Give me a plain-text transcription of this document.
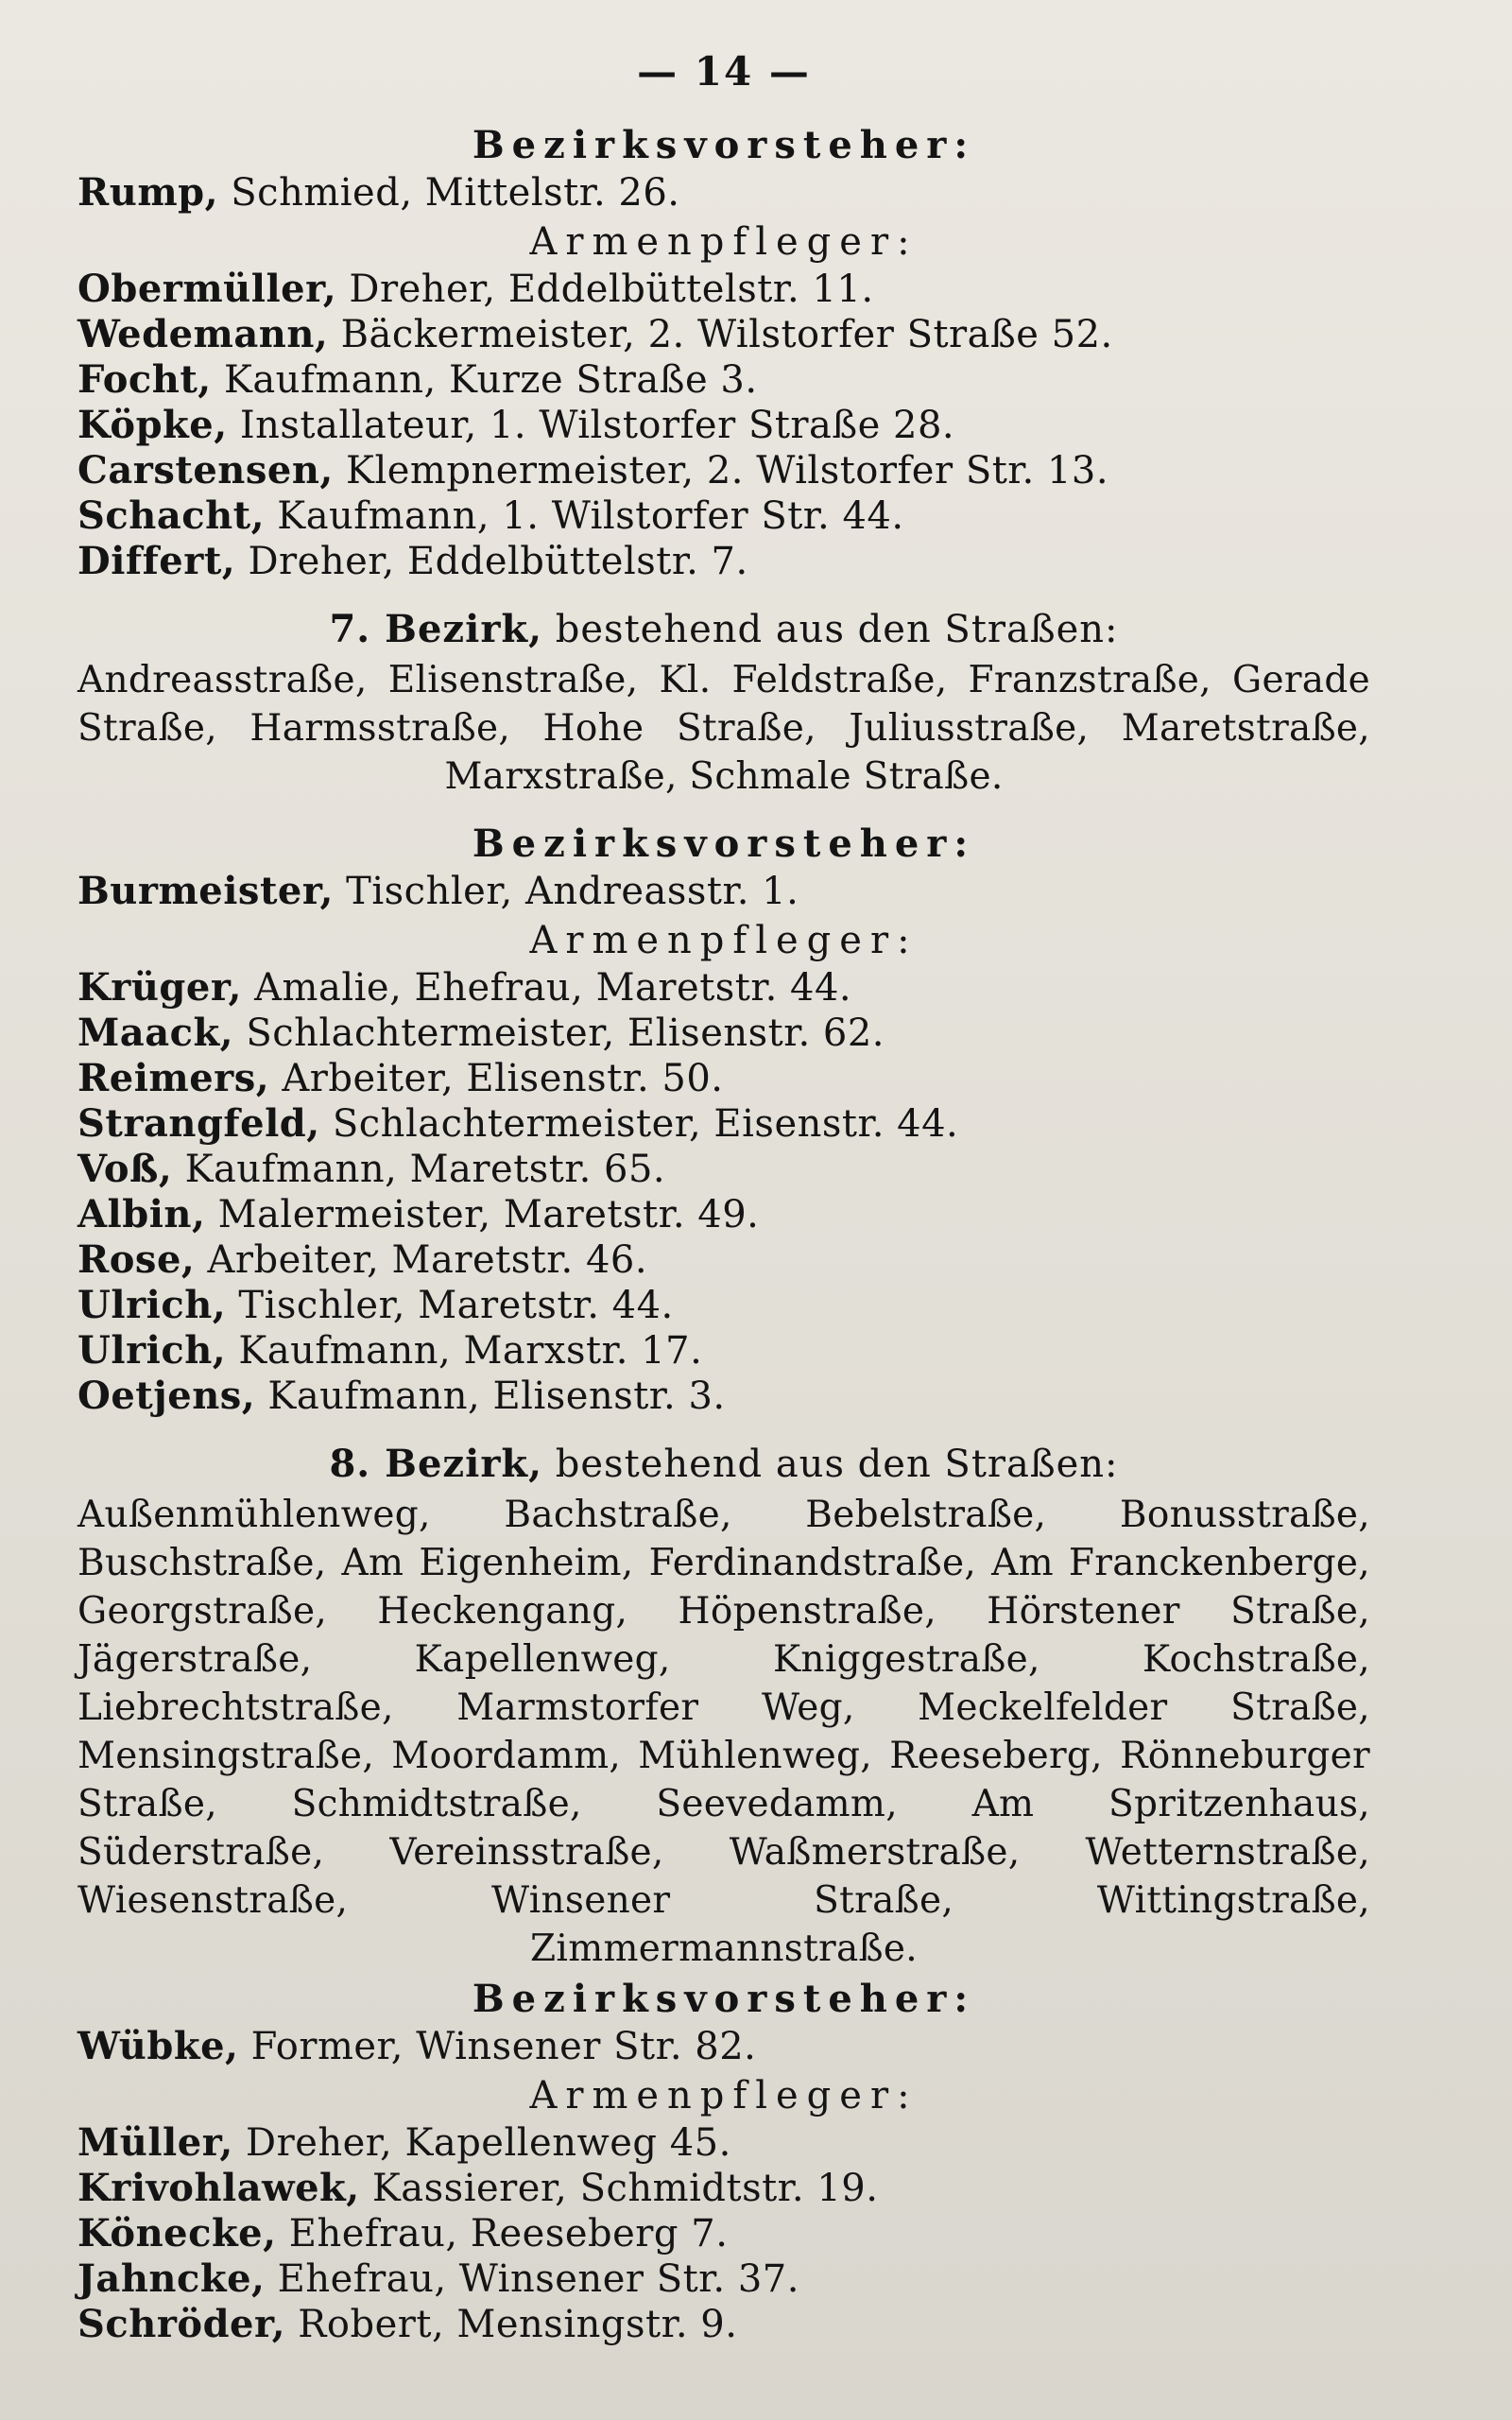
— 14 —
Bezirksvorsteher:
Rump, Schmied, Mittelstr. 26.
Armenpfleger:
Obermüller, Dreher, Eddelbüttelstr. 11.
Wedemann, Bäckermeister, 2. Wilstorfer Straße 52.
Focht, Kaufmann, Kurze Straße 3.
Köpke, Installateur, 1. Wilstorfer Straße 28.
Carstensen, Klempnermeister, 2. Wilstorfer Str. 13.
Schacht, Kaufmann, 1. Wilstorfer Str. 44.
Differt, Dreher, Eddelbüttelstr. 7.
7. Bezirk, bestehend aus den Straßen:
Andreasstraße, Elisenstraße, Kl. Feldstraße, Franzstraße, Gerade Straße, Harmsstraße, Hohe Straße, Juliusstraße, Maretstraße, Marxstraße, Schmale Straße.
Bezirksvorsteher:
Burmeister, Tischler, Andreasstr. 1.
Armenpfleger:
Krüger, Amalie, Ehefrau, Maretstr. 44.
Maack, Schlachtermeister, Elisenstr. 62.
Reimers, Arbeiter, Elisenstr. 50.
Strangfeld, Schlachtermeister, Eisenstr. 44.
Voß, Kaufmann, Maretstr. 65.
Albin, Malermeister, Maretstr. 49.
Rose, Arbeiter, Maretstr. 46.
Ulrich, Tischler, Maretstr. 44.
Ulrich, Kaufmann, Marxstr. 17.
Oetjens, Kaufmann, Elisenstr. 3.
8. Bezirk, bestehend aus den Straßen:
Außenmühlenweg, Bachstraße, Bebelstraße, Bonusstraße, Buschstraße, Am Eigenheim, Ferdinandstraße, Am Franckenberge, Georgstraße, Heckengang, Höpenstraße, Hörstener Straße, Jägerstraße, Kapellenweg, Kniggestraße, Kochstraße, Liebrechtstraße, Marmstorfer Weg, Meckelfelder Straße, Mensingstraße, Moordamm, Mühlenweg, Reeseberg, Rönneburger Straße, Schmidtstraße, Seevedamm, Am Spritzenhaus, Süderstraße, Vereinsstraße, Waßmerstraße, Wetternstraße, Wiesenstraße, Winsener Straße, Wittingstraße, Zimmermannstraße.
Bezirksvorsteher:
Wübke, Former, Winsener Str. 82.
Armenpfleger:
Müller, Dreher, Kapellenweg 45.
Krivohlawek, Kassierer, Schmidtstr. 19.
Könecke, Ehefrau, Reeseberg 7.
Jahncke, Ehefrau, Winsener Str. 37.
Schröder, Robert, Mensingstr. 9.
